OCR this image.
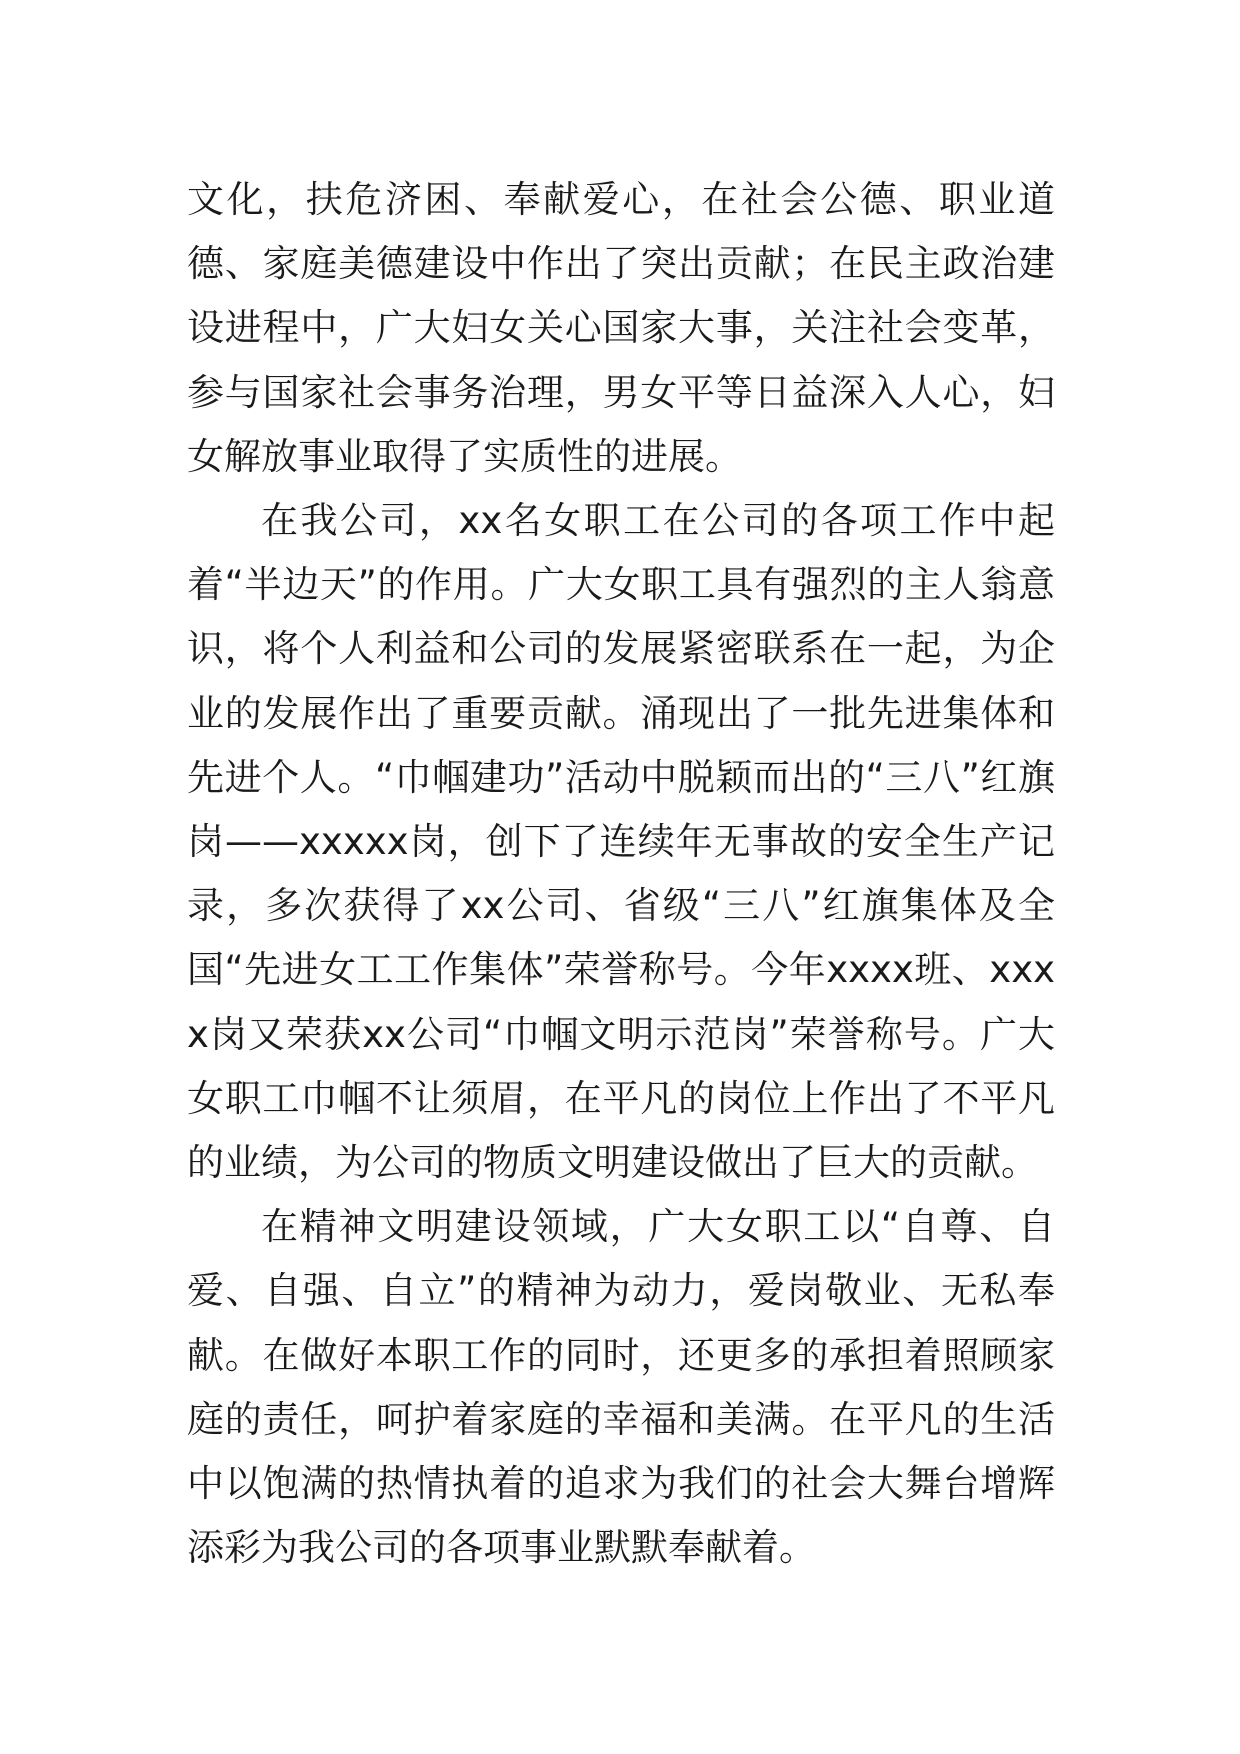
文化，扶危济困、奉献爱心，在社会公德、职业道德、家庭美德建设中作出了突出贡献；在民主政治建设进程中，广大妇女关心国家大事，关注社会变革，参与国家社会事务治理，男女平等日益深入人心，妇女解放事业取得了实质性的进展。

在我公司，xx名女职工在公司的各项工作中起着“半边天”的作用。广大女职工具有强烈的主人翁意识，将个人利益和公司的发展紧密联系在一起，为企业的发展作出了重要贡献。涌现出了一批先进集体和先进个人。“巾帼建功”活动中脱颖而出的“三八”红旗岗——xxxxx岗，创下了连续年无事故的安全生产记录，多次获得了xx公司、省级“三八”红旗集体及全国“先进女工工作集体”荣誉称号。今年xxxx班、xxxx岗又荣获xx公司“巾帼文明示范岗”荣誉称号。广大女职工巾帼不让须眉，在平凡的岗位上作出了不平凡的业绩，为公司的物质文明建设做出了巨大的贡献。

在精神文明建设领域，广大女职工以“自尊、自爱、自强、自立”的精神为动力，爱岗敬业、无私奉献。在做好本职工作的同时，还更多的承担着照顾家庭的责任，呵护着家庭的幸福和美满。在平凡的生活中以饱满的热情执着的追求为我们的社会大舞台增辉添彩为我公司的各项事业默默奉献着。
